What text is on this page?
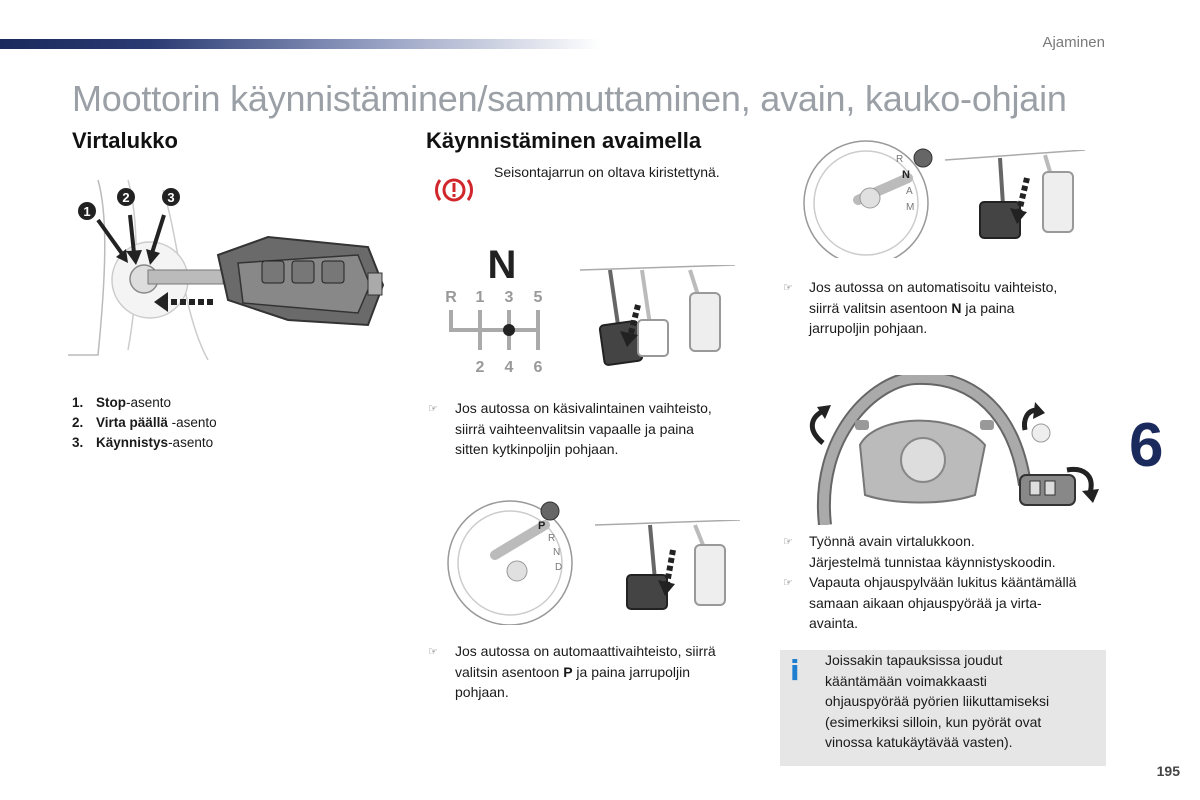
Ajaminen
Moottorin käynnistäminen/sammuttaminen, avain, kauko-ohjain
Virtalukko
1
2	3
1. Stop-asento
2. Virta päällä -asento
3. Käynnistys-asento
Käynnistäminen avaimella
Seisontajarrun on oltava kiristettynä.
N
R 1 3 5
2 4 6
☞ Jos autossa on käsivalintainen vaihteisto,
siirrä vaihteenvalitsin vapaalle ja paina
sitten kytkinpoljin pohjaan.
P
R
N
D
☞ Jos autossa on automaattivaihteisto, siirrä
valitsin asentoon P ja paina jarrupoljin
pohjaan.
R
N
A
M
☞ Jos autossa on automatisoitu vaihteisto,
siirrä valitsin asentoon N ja paina
jarrupoljin pohjaan.
☞ Työnnä avain virtalukkoon.
Järjestelmä tunnistaa käynnistyskoodin.
☞ Vapauta ohjauspylvään lukitus kääntämällä
samaan aikaan ohjauspyörää ja virta-
avainta.
i Joissakin tapauksissa joudut
kääntämään voimakkaasti
ohjauspyörää pyörien liikuttamiseksi
(esimerkiksi silloin, kun pyörät ovat
vinossa katukäytävää vasten).
6
195
